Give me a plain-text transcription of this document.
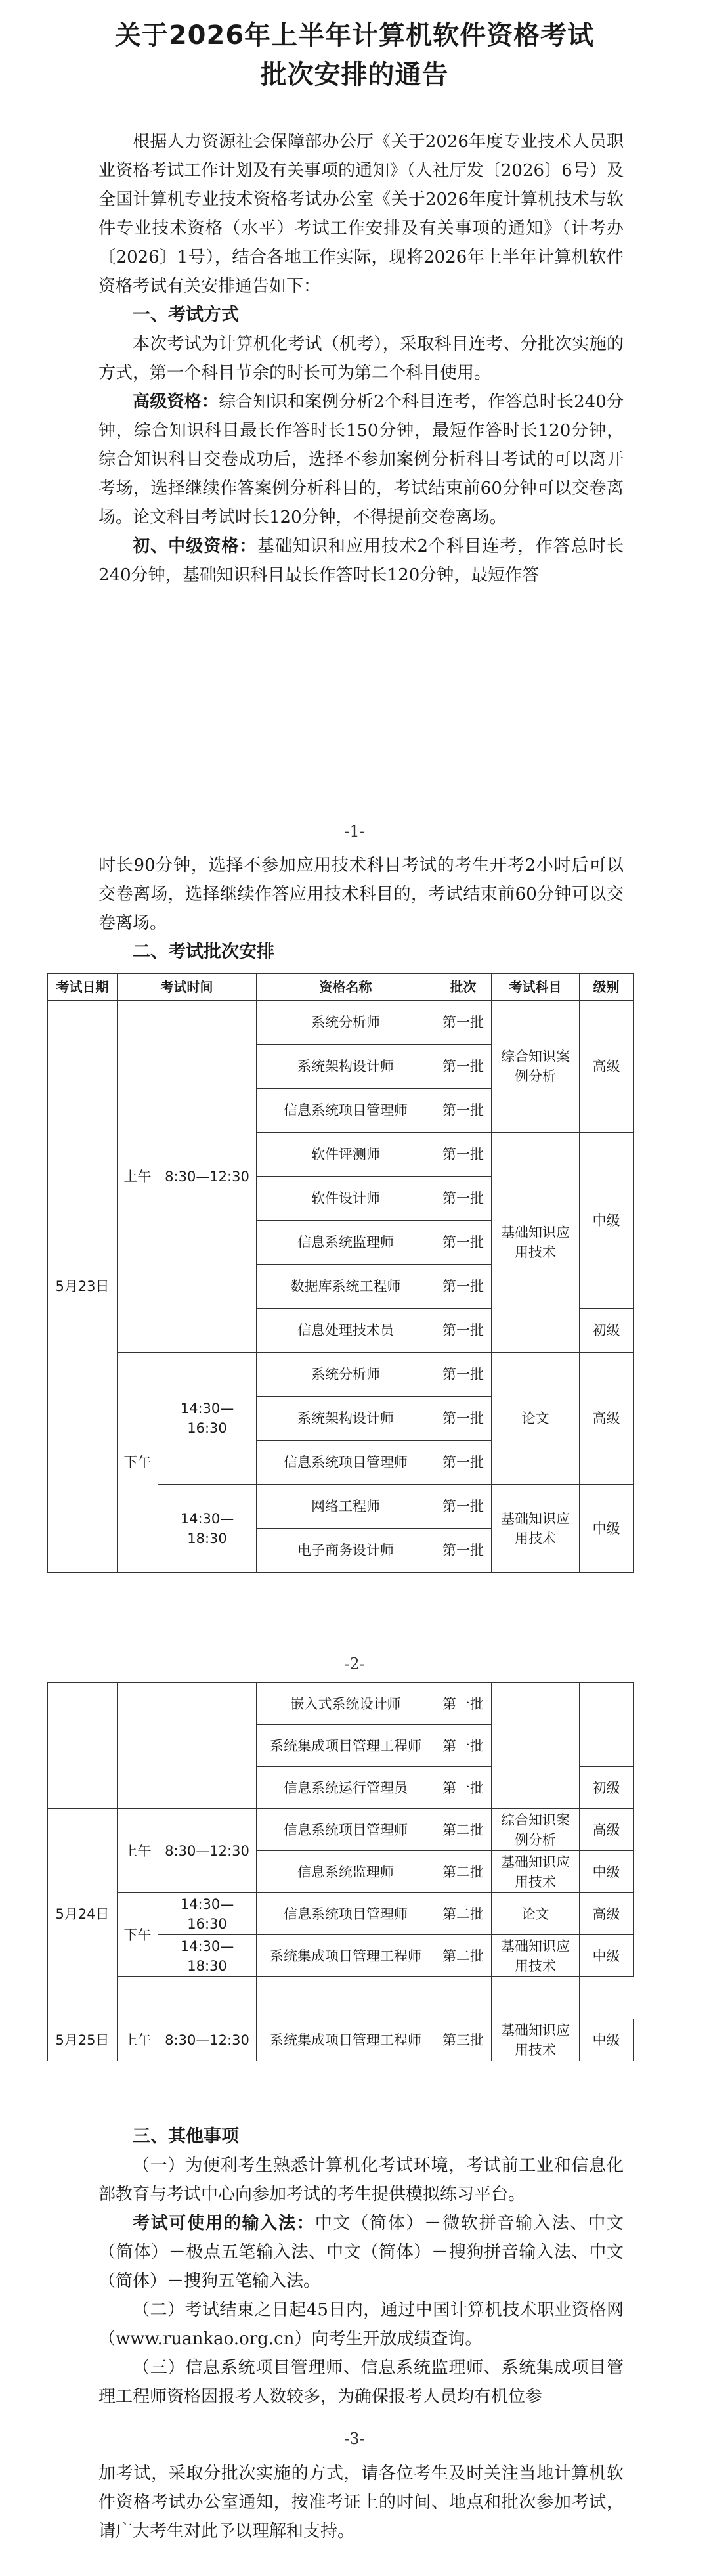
关于2026年上半年计算机软件资格考试
批次安排的通告

根据人力资源社会保障部办公厅《关于2026年度专业技术人员职业资格考试工作计划及有关事项的通知》（人社厅发〔2026〕6号）及全国计算机专业技术资格考试办公室《关于2026年度计算机技术与软件专业技术资格（水平）考试工作安排及有关事项的通知》（计考办〔2026〕1号），结合各地工作实际，现将2026年上半年计算机软件资格考试有关安排通告如下：

一、考试方式

本次考试为计算机化考试（机考），采取科目连考、分批次实施的方式，第一个科目节余的时长可为第二个科目使用。

高级资格：综合知识和案例分析2个科目连考，作答总时长240分钟，综合知识科目最长作答时长150分钟，最短作答时长120分钟，综合知识科目交卷成功后，选择不参加案例分析科目考试的可以离开考场，选择继续作答案例分析科目的，考试结束前60分钟可以交卷离场。论文科目考试时长120分钟，不得提前交卷离场。

初、中级资格：基础知识和应用技术2个科目连考，作答总时长240分钟，基础知识科目最长作答时长120分钟，最短作答

-1-

时长90分钟，选择不参加应用技术科目考试的考生开考2小时后可以交卷离场，选择继续作答应用技术科目的，考试结束前60分钟可以交卷离场。

二、考试批次安排

考试日期	考试时间		资格名称	批次	考试科目	级别
5月23日	上午	8:30—12:30	系统分析师	第一批	综合知识案例分析	高级
			系统架构设计师	第一批		
			信息系统项目管理师	第一批		
			软件评测师	第一批	基础知识应用技术	中级
			软件设计师	第一批		
			信息系统监理师	第一批		
			数据库系统工程师	第一批		
			信息处理技术员	第一批		初级
	下午	14:30—16:30	系统分析师	第一批	论文	高级
			系统架构设计师	第一批		
			信息系统项目管理师	第一批		
		14:30—18:30	网络工程师	第一批	基础知识应用技术	中级
			电子商务设计师	第一批		
-2-
			嵌入式系统设计师	第一批		
			系统集成项目管理工程师	第一批		
			信息系统运行管理员	第一批		初级
5月24日	上午	8:30—12:30	信息系统项目管理师	第二批	综合知识案例分析	高级
			信息系统监理师	第二批	基础知识应用技术	中级
	下午	14:30—16:30	信息系统项目管理师	第二批	论文	高级
		14:30—18:30	系统集成项目管理工程师	第二批	基础知识应用技术	中级

5月25日	上午	8:30—12:30	系统集成项目管理工程师	第三批	基础知识应用技术	中级

三、其他事项

（一）为便利考生熟悉计算机化考试环境，考试前工业和信息化部教育与考试中心向参加考试的考生提供模拟练习平台。

考试可使用的输入法：中文（简体）－微软拼音输入法、中文（简体）－极点五笔输入法、中文（简体）－搜狗拼音输入法、中文（简体）－搜狗五笔输入法。

（二）考试结束之日起45日内，通过中国计算机技术职业资格网（www.ruankao.org.cn）向考生开放成绩查询。

（三）信息系统项目管理师、信息系统监理师、系统集成项目管理工程师资格因报考人数较多，为确保报考人员均有机位参

-3-

加考试，采取分批次实施的方式，请各位考生及时关注当地计算机软件资格考试办公室通知，按准考证上的时间、地点和批次参加考试，请广大考生对此予以理解和支持。
